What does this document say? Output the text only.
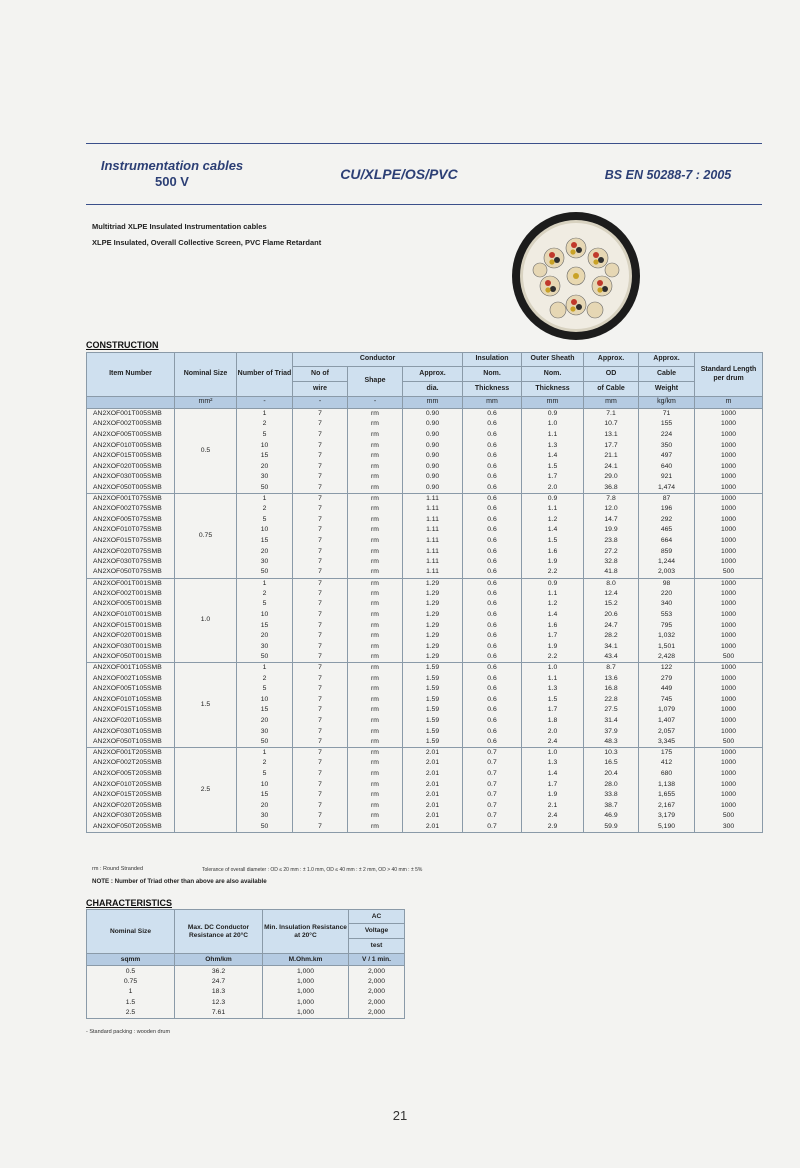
Instrumentation cables
500 V	CU/XLPE/OS/PVC	BS EN 50288-7 : 2005
Multitriad XLPE Insulated Instrumentation cables
XLPE Insulated, Overall Collective Screen, PVC Flame Retardant
CONSTRUCTION
Item Number	Nominal Size	Number of Triad	Conductor			Insulation	Outer Sheath	Approx.	Approx.	Standard Length per drum
			No of	Shape	Approx.	Nom.	Nom.	OD	Cable	
			wire		dia.	Thickness	Thickness	of Cable	Weight	
	mm²	-	-	-	mm	mm	mm	mm	kg/km	m
AN2XOF001T005SMB	0.5	1	7	rm	0.90	0.6	0.9	7.1	71	1000
AN2XOF002T005SMB		2	7	rm	0.90	0.6	1.0	10.7	155	1000
AN2XOF005T005SMB		5	7	rm	0.90	0.6	1.1	13.1	224	1000
AN2XOF010T005SMB		10	7	rm	0.90	0.6	1.3	17.7	350	1000
AN2XOF015T005SMB		15	7	rm	0.90	0.6	1.4	21.1	497	1000
AN2XOF020T005SMB		20	7	rm	0.90	0.6	1.5	24.1	640	1000
AN2XOF030T005SMB		30	7	rm	0.90	0.6	1.7	29.0	921	1000
AN2XOF050T005SMB		50	7	rm	0.90	0.6	2.0	36.8	1,474	1000
AN2XOF001T075SMB	0.75	1	7	rm	1.11	0.6	0.9	7.8	87	1000
AN2XOF002T075SMB		2	7	rm	1.11	0.6	1.1	12.0	196	1000
AN2XOF005T075SMB		5	7	rm	1.11	0.6	1.2	14.7	292	1000
AN2XOF010T075SMB		10	7	rm	1.11	0.6	1.4	19.9	465	1000
AN2XOF015T075SMB		15	7	rm	1.11	0.6	1.5	23.8	664	1000
AN2XOF020T075SMB		20	7	rm	1.11	0.6	1.6	27.2	859	1000
AN2XOF030T075SMB		30	7	rm	1.11	0.6	1.9	32.8	1,244	1000
AN2XOF050T075SMB		50	7	rm	1.11	0.6	2.2	41.8	2,003	500
AN2XOF001T001SMB	1.0	1	7	rm	1.29	0.6	0.9	8.0	98	1000
AN2XOF002T001SMB		2	7	rm	1.29	0.6	1.1	12.4	220	1000
AN2XOF005T001SMB		5	7	rm	1.29	0.6	1.2	15.2	340	1000
AN2XOF010T001SMB		10	7	rm	1.29	0.6	1.4	20.6	553	1000
AN2XOF015T001SMB		15	7	rm	1.29	0.6	1.6	24.7	795	1000
AN2XOF020T001SMB		20	7	rm	1.29	0.6	1.7	28.2	1,032	1000
AN2XOF030T001SMB		30	7	rm	1.29	0.6	1.9	34.1	1,501	1000
AN2XOF050T001SMB		50	7	rm	1.29	0.6	2.2	43.4	2,428	500
AN2XOF001T105SMB	1.5	1	7	rm	1.59	0.6	1.0	8.7	122	1000
AN2XOF002T105SMB		2	7	rm	1.59	0.6	1.1	13.6	279	1000
AN2XOF005T105SMB		5	7	rm	1.59	0.6	1.3	16.8	449	1000
AN2XOF010T105SMB		10	7	rm	1.59	0.6	1.5	22.8	745	1000
AN2XOF015T105SMB		15	7	rm	1.59	0.6	1.7	27.5	1,079	1000
AN2XOF020T105SMB		20	7	rm	1.59	0.6	1.8	31.4	1,407	1000
AN2XOF030T105SMB		30	7	rm	1.59	0.6	2.0	37.9	2,057	1000
AN2XOF050T105SMB		50	7	rm	1.59	0.6	2.4	48.3	3,345	500
AN2XOF001T205SMB	2.5	1	7	rm	2.01	0.7	1.0	10.3	175	1000
AN2XOF002T205SMB		2	7	rm	2.01	0.7	1.3	16.5	412	1000
AN2XOF005T205SMB		5	7	rm	2.01	0.7	1.4	20.4	680	1000
AN2XOF010T205SMB		10	7	rm	2.01	0.7	1.7	28.0	1,138	1000
AN2XOF015T205SMB		15	7	rm	2.01	0.7	1.9	33.8	1,655	1000
AN2XOF020T205SMB		20	7	rm	2.01	0.7	2.1	38.7	2,167	1000
AN2XOF030T205SMB		30	7	rm	2.01	0.7	2.4	46.9	3,179	500
AN2XOF050T205SMB		50	7	rm	2.01	0.7	2.9	59.9	5,190	300
rm : Round Stranded	Tolerance of overall diameter : OD ≤ 20 mm : ± 1.0 mm, OD ≤ 40 mm : ± 2 mm, OD > 40 mm : ± 5%
NOTE : Number of Triad other than above are also available
CHARACTERISTICS
Nominal Size	Max. DC Conductor Resistance at 20°C	Min. Insulation Resistance at 20°C	AC
			Voltage
			test
sqmm	Ohm/km	M.Ohm.km	V / 1 min.
0.5	36.2	1,000	2,000
0.75	24.7	1,000	2,000
1	18.3	1,000	2,000
1.5	12.3	1,000	2,000
2.5	7.61	1,000	2,000
- Standard packing : wooden drum
21
